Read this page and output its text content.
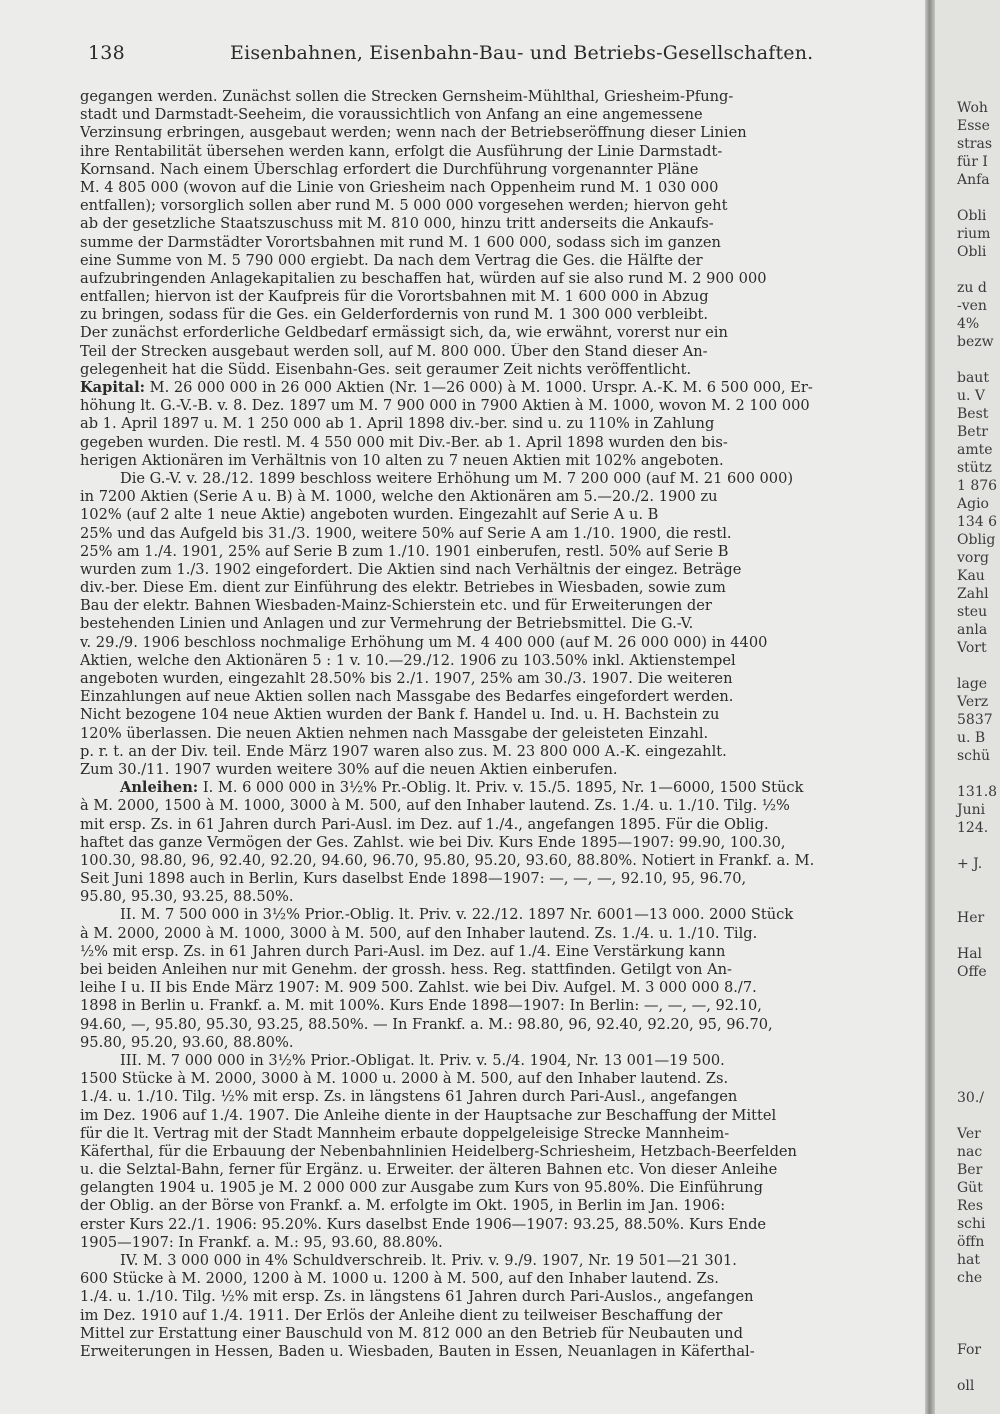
138	Eisenbahnen, Eisenbahn-Bau- und Betriebs-Gesellschaften.
gegangen werden. Zunächst sollen die Strecken Gernsheim-Mühlthal, Griesheim-Pfung-
stadt und Darmstadt-Seeheim, die voraussichtlich von Anfang an eine angemessene
Verzinsung erbringen, ausgebaut werden; wenn nach der Betriebseröffnung dieser Linien
ihre Rentabilität übersehen werden kann, erfolgt die Ausführung der Linie Darmstadt-
Kornsand. Nach einem Überschlag erfordert die Durchführung vorgenannter Pläne
M. 4 805 000 (wovon auf die Linie von Griesheim nach Oppenheim rund M. 1 030 000
entfallen); vorsorglich sollen aber rund M. 5 000 000 vorgesehen werden; hiervon geht
ab der gesetzliche Staatszuschuss mit M. 810 000, hinzu tritt anderseits die Ankaufs-
summe der Darmstädter Vorortsbahnen mit rund M. 1 600 000, sodass sich im ganzen
eine Summe von M. 5 790 000 ergiebt. Da nach dem Vertrag die Ges. die Hälfte der
aufzubringenden Anlagekapitalien zu beschaffen hat, würden auf sie also rund M. 2 900 000
entfallen; hiervon ist der Kaufpreis für die Vorortsbahnen mit M. 1 600 000 in Abzug
zu bringen, sodass für die Ges. ein Gelderfordernis von rund M. 1 300 000 verbleibt.
Der zunächst erforderliche Geldbedarf ermässigt sich, da, wie erwähnt, vorerst nur ein
Teil der Strecken ausgebaut werden soll, auf M. 800 000. Über den Stand dieser An-
gelegenheit hat die Südd. Eisenbahn-Ges. seit geraumer Zeit nichts veröffentlicht.
Kapital: M. 26 000 000 in 26 000 Aktien (Nr. 1—26 000) à M. 1000. Urspr. A.-K. M. 6 500 000, Er-
höhung lt. G.-V.-B. v. 8. Dez. 1897 um M. 7 900 000 in 7900 Aktien à M. 1000, wovon M. 2 100 000
ab 1. April 1897 u. M. 1 250 000 ab 1. April 1898 div.-ber. sind u. zu 110% in Zahlung
gegeben wurden. Die restl. M. 4 550 000 mit Div.-Ber. ab 1. April 1898 wurden den bis-
herigen Aktionären im Verhältnis von 10 alten zu 7 neuen Aktien mit 102% angeboten.
Die G.-V. v. 28./12. 1899 beschloss weitere Erhöhung um M. 7 200 000 (auf M. 21 600 000)
in 7200 Aktien (Serie A u. B) à M. 1000, welche den Aktionären am 5.—20./2. 1900 zu
102% (auf 2 alte 1 neue Aktie) angeboten wurden. Eingezahlt auf Serie A u. B
25% und das Aufgeld bis 31./3. 1900, weitere 50% auf Serie A am 1./10. 1900, die restl.
25% am 1./4. 1901, 25% auf Serie B zum 1./10. 1901 einberufen, restl. 50% auf Serie B
wurden zum 1./3. 1902 eingefordert. Die Aktien sind nach Verhältnis der eingez. Beträge
div.-ber. Diese Em. dient zur Einführung des elektr. Betriebes in Wiesbaden, sowie zum
Bau der elektr. Bahnen Wiesbaden-Mainz-Schierstein etc. und für Erweiterungen der
bestehenden Linien und Anlagen und zur Vermehrung der Betriebsmittel. Die G.-V.
v. 29./9. 1906 beschloss nochmalige Erhöhung um M. 4 400 000 (auf M. 26 000 000) in 4400
Aktien, welche den Aktionären 5 : 1 v. 10.—29./12. 1906 zu 103.50% inkl. Aktienstempel
angeboten wurden, eingezahlt 28.50% bis 2./1. 1907, 25% am 30./3. 1907. Die weiteren
Einzahlungen auf neue Aktien sollen nach Massgabe des Bedarfes eingefordert werden.
Nicht bezogene 104 neue Aktien wurden der Bank f. Handel u. Ind. u. H. Bachstein zu
120% überlassen. Die neuen Aktien nehmen nach Massgabe der geleisteten Einzahl.
p. r. t. an der Div. teil. Ende März 1907 waren also zus. M. 23 800 000 A.-K. eingezahlt.
Zum 30./11. 1907 wurden weitere 30% auf die neuen Aktien einberufen.
Anleihen: I. M. 6 000 000 in 3½% Pr.-Oblig. lt. Priv. v. 15./5. 1895, Nr. 1—6000, 1500 Stück
à M. 2000, 1500 à M. 1000, 3000 à M. 500, auf den Inhaber lautend. Zs. 1./4. u. 1./10. Tilg. ½%
mit ersp. Zs. in 61 Jahren durch Pari-Ausl. im Dez. auf 1./4., angefangen 1895. Für die Oblig.
haftet das ganze Vermögen der Ges. Zahlst. wie bei Div. Kurs Ende 1895—1907: 99.90, 100.30,
100.30, 98.80, 96, 92.40, 92.20, 94.60, 96.70, 95.80, 95.20, 93.60, 88.80%. Notiert in Frankf. a. M.
Seit Juni 1898 auch in Berlin, Kurs daselbst Ende 1898—1907: —, —, —, 92.10, 95, 96.70,
95.80, 95.30, 93.25, 88.50%.
II. M. 7 500 000 in 3½% Prior.-Oblig. lt. Priv. v. 22./12. 1897 Nr. 6001—13 000. 2000 Stück
à M. 2000, 2000 à M. 1000, 3000 à M. 500, auf den Inhaber lautend. Zs. 1./4. u. 1./10. Tilg.
½% mit ersp. Zs. in 61 Jahren durch Pari-Ausl. im Dez. auf 1./4. Eine Verstärkung kann
bei beiden Anleihen nur mit Genehm. der grossh. hess. Reg. stattfinden. Getilgt von An-
leihe I u. II bis Ende März 1907: M. 909 500. Zahlst. wie bei Div. Aufgel. M. 3 000 000 8./7.
1898 in Berlin u. Frankf. a. M. mit 100%. Kurs Ende 1898—1907: In Berlin: —, —, —, 92.10,
94.60, —, 95.80, 95.30, 93.25, 88.50%. — In Frankf. a. M.: 98.80, 96, 92.40, 92.20, 95, 96.70,
95.80, 95.20, 93.60, 88.80%.
III. M. 7 000 000 in 3½% Prior.-Obligat. lt. Priv. v. 5./4. 1904, Nr. 13 001—19 500.
1500 Stücke à M. 2000, 3000 à M. 1000 u. 2000 à M. 500, auf den Inhaber lautend. Zs.
1./4. u. 1./10. Tilg. ½% mit ersp. Zs. in längstens 61 Jahren durch Pari-Ausl., angefangen
im Dez. 1906 auf 1./4. 1907. Die Anleihe diente in der Hauptsache zur Beschaffung der Mittel
für die lt. Vertrag mit der Stadt Mannheim erbaute doppelgeleisige Strecke Mannheim-
Käferthal, für die Erbauung der Nebenbahnlinien Heidelberg-Schriesheim, Hetzbach-Beerfelden
u. die Selztal-Bahn, ferner für Ergänz. u. Erweiter. der älteren Bahnen etc. Von dieser Anleihe
gelangten 1904 u. 1905 je M. 2 000 000 zur Ausgabe zum Kurs von 95.80%. Die Einführung
der Oblig. an der Börse von Frankf. a. M. erfolgte im Okt. 1905, in Berlin im Jan. 1906:
erster Kurs 22./1. 1906: 95.20%. Kurs daselbst Ende 1906—1907: 93.25, 88.50%. Kurs Ende
1905—1907: In Frankf. a. M.: 95, 93.60, 88.80%.
IV. M. 3 000 000 in 4% Schuldverschreib. lt. Priv. v. 9./9. 1907, Nr. 19 501—21 301.
600 Stücke à M. 2000, 1200 à M. 1000 u. 1200 à M. 500, auf den Inhaber lautend. Zs.
1./4. u. 1./10. Tilg. ½% mit ersp. Zs. in längstens 61 Jahren durch Pari-Auslos., angefangen
im Dez. 1910 auf 1./4. 1911. Der Erlös der Anleihe dient zu teilweiser Beschaffung der
Mittel zur Erstattung einer Bauschuld von M. 812 000 an den Betrieb für Neubauten und
Erweiterungen in Hessen, Baden u. Wiesbaden, Bauten in Essen, Neuanlagen in Käferthal-
Woh
Esse
stras
für I
Anfa
Obli
rium
Obli
zu d
-ven
4%
bezw
baut
u. V
Best
Betr
amte
stütz
1 876
Agio
134 6
Oblig
vorg
Kau
Zahl
steu
anla
Vort
lage
Verz
5837
u. B
schü
131.8
Juni
124.
+ J.
Her
Hal
Offe
30./
Ver
nac
Ber
Güt
Res
schi
öffn
hat
che
For
oll
